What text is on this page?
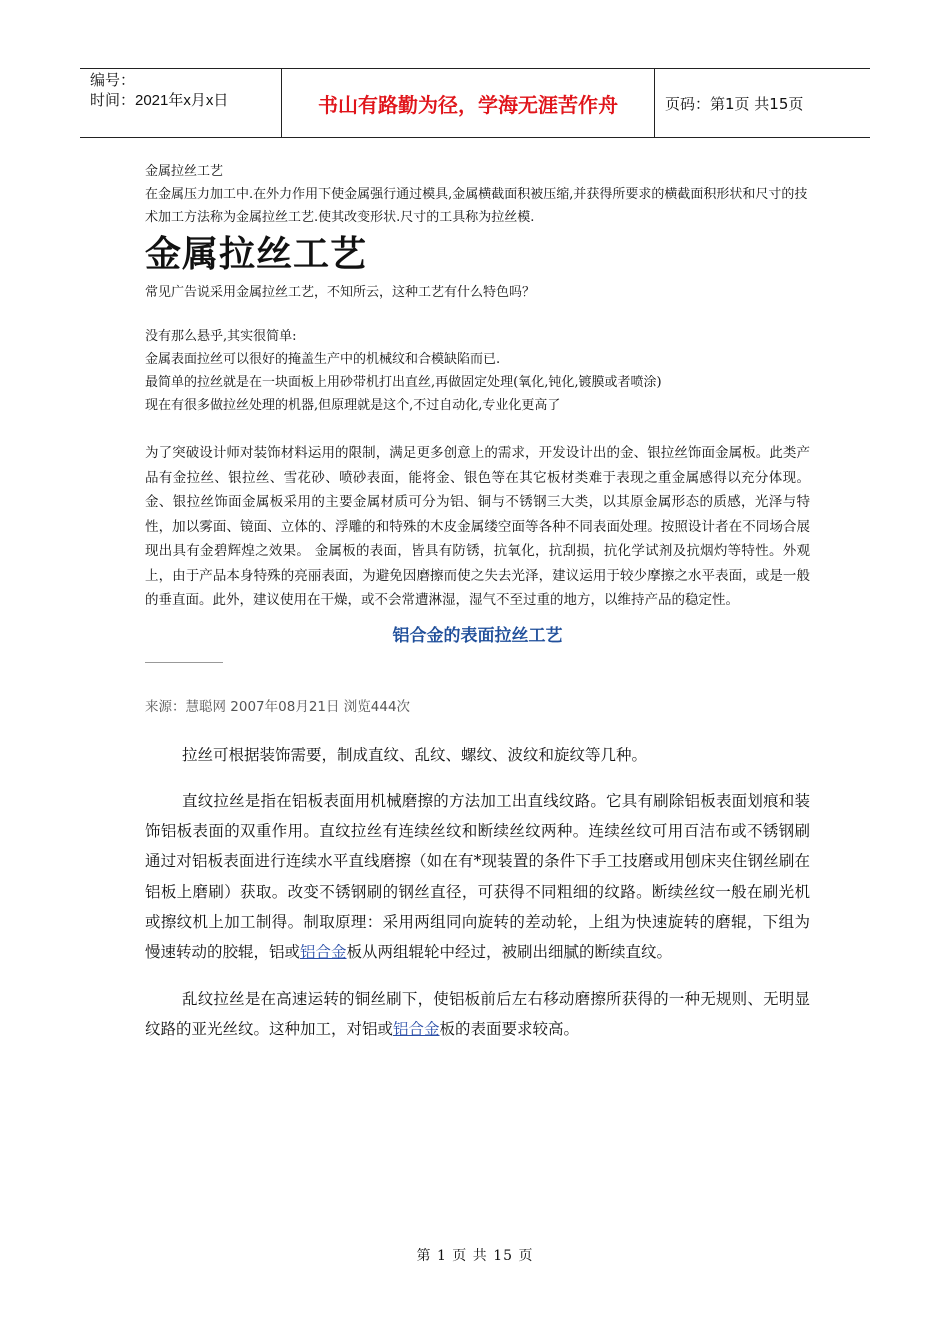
编号：
时间：2021年x月x日	书山有路勤为径，学海无涯苦作舟	页码：第1页 共15页

金属拉丝工艺

在金属压力加工中.在外力作用下使金属强行通过模具,金属横截面积被压缩,并获得所要求的横截面积形状和尺寸的技术加工方法称为金属拉丝工艺.使其改变形状.尺寸的工具称为拉丝模.

金属拉丝工艺

常见广告说采用金属拉丝工艺，不知所云，这种工艺有什么特色吗？

没有那么悬乎,其实很简单:

金属表面拉丝可以很好的掩盖生产中的机械纹和合模缺陷而已.

最简单的拉丝就是在一块面板上用砂带机打出直丝,再做固定处理(氧化,钝化,镀膜或者喷涂)

现在有很多做拉丝处理的机器,但原理就是这个,不过自动化,专业化更高了

为了突破设计师对装饰材料运用的限制，满足更多创意上的需求，开发设计出的金、银拉丝饰面金属板。此类产品有金拉丝、银拉丝、雪花砂、喷砂表面，能将金、银色等在其它板材类难于表现之重金属感得以充分体现。 金、银拉丝饰面金属板采用的主要金属材质可分为铝、铜与不锈钢三大类，以其原金属形态的质感，光泽与特性，加以雾面、镜面、立体的、浮雕的和特殊的木皮金属缕空面等各种不同表面处理。按照设计者在不同场合展现出具有金碧辉煌之效果。 金属板的表面，皆具有防锈，抗氧化，抗刮损，抗化学试剂及抗烟灼等特性。外观上，由于产品本身特殊的亮丽表面，为避免因磨擦而使之失去光泽，建议运用于较少摩擦之水平表面，或是一般的垂直面。此外，建议使用在干燥，或不会常遭淋湿，湿气不至过重的地方，以维持产品的稳定性。

铝合金的表面拉丝工艺
来源：慧聪网 2007年08月21日 浏览444次

拉丝可根据装饰需要，制成直纹、乱纹、螺纹、波纹和旋纹等几种。

直纹拉丝是指在铝板表面用机械磨擦的方法加工出直线纹路。它具有刷除铝板表面划痕和装饰铝板表面的双重作用。直纹拉丝有连续丝纹和断续丝纹两种。连续丝纹可用百洁布或不锈钢刷通过对铝板表面进行连续水平直线磨擦（如在有*现装置的条件下手工技磨或用刨床夹住钢丝刷在铝板上磨刷）获取。改变不锈钢刷的钢丝直径，可获得不同粗细的纹路。断续丝纹一般在刷光机或擦纹机上加工制得。制取原理：采用两组同向旋转的差动轮，上组为快速旋转的磨辊，下组为慢速转动的胶辊，铝或铝合金板从两组辊轮中经过，被刷出细腻的断续直纹。

乱纹拉丝是在高速运转的铜丝刷下，使铝板前后左右移动磨擦所获得的一种无规则、无明显纹路的亚光丝纹。这种加工，对铝或铝合金板的表面要求较高。

第 1 页 共 15 页
